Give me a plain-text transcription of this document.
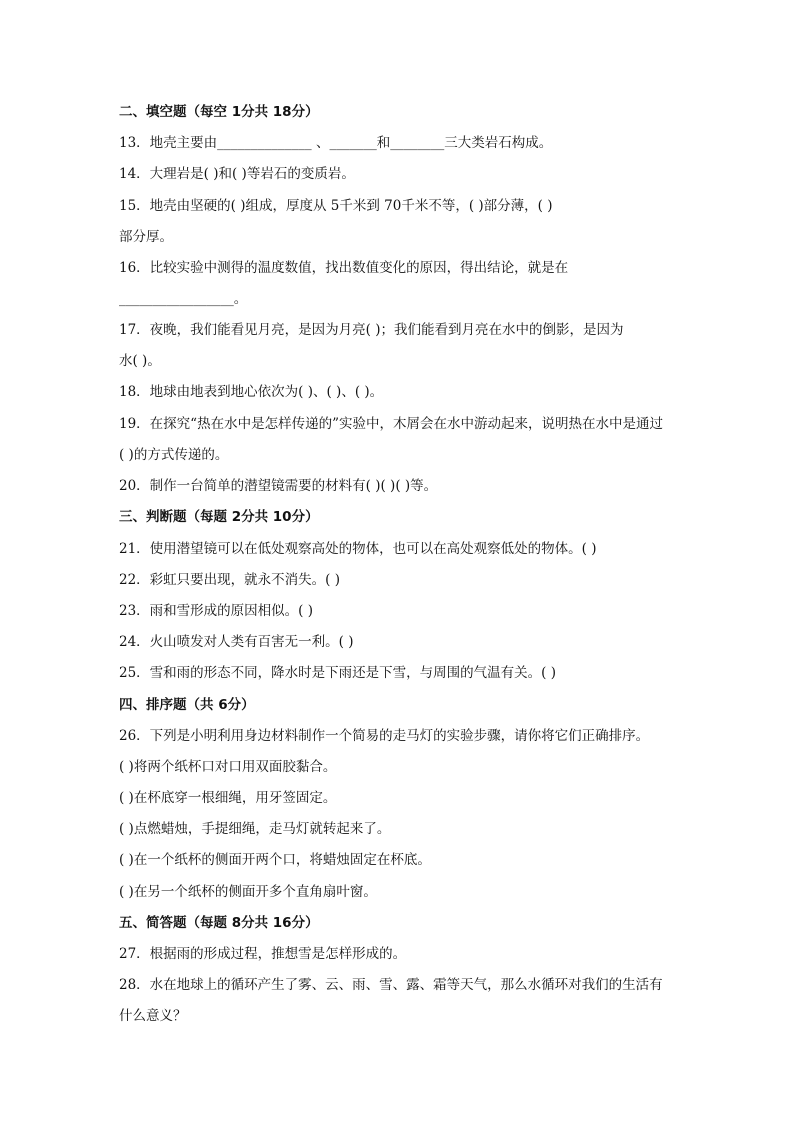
二、填空题（每空 1分共 18分）
13．地壳主要由______________ 、_______和________三大类岩石构成。
14．大理岩是( )和( )等岩石的变质岩。
15．地壳由坚硬的( )组成，厚度从 5千米到 70千米不等，( )部分薄，( )
部分厚。
16．比较实验中测得的温度数值，找出数值变化的原因，得出结论，就是在
_________________。
17．夜晚，我们能看见月亮，是因为月亮( )；我们能看到月亮在水中的倒影，是因为
水( )。
18．地球由地表到地心依次为( )、( )、( )。
19．在探究“热在水中是怎样传递的”实验中，木屑会在水中游动起来，说明热在水中是通过
( )的方式传递的。
20．制作一台简单的潜望镜需要的材料有( )( )( )等。
三、判断题（每题 2分共 10分）
21．使用潜望镜可以在低处观察高处的物体，也可以在高处观察低处的物体。( )
22．彩虹只要出现，就永不消失。( )
23．雨和雪形成的原因相似。( )
24．火山喷发对人类有百害无一利。( )
25．雪和雨的形态不同，降水时是下雨还是下雪，与周围的气温有关。( )
四、排序题（共 6分）
26．下列是小明利用身边材料制作一个简易的走马灯的实验步骤，请你将它们正确排序。
( )将两个纸杯口对口用双面胶黏合。
( )在杯底穿一根细绳，用牙签固定。
( )点燃蜡烛，手提细绳，走马灯就转起来了。
( )在一个纸杯的侧面开两个口，将蜡烛固定在杯底。
( )在另一个纸杯的侧面开多个直角扇叶窗。
五、简答题（每题 8分共 16分）
27．根据雨的形成过程，推想雪是怎样形成的。
28．水在地球上的循环产生了雾、云、雨、雪、露、霜等天气，那么水循环对我们的生活有
什么意义？
